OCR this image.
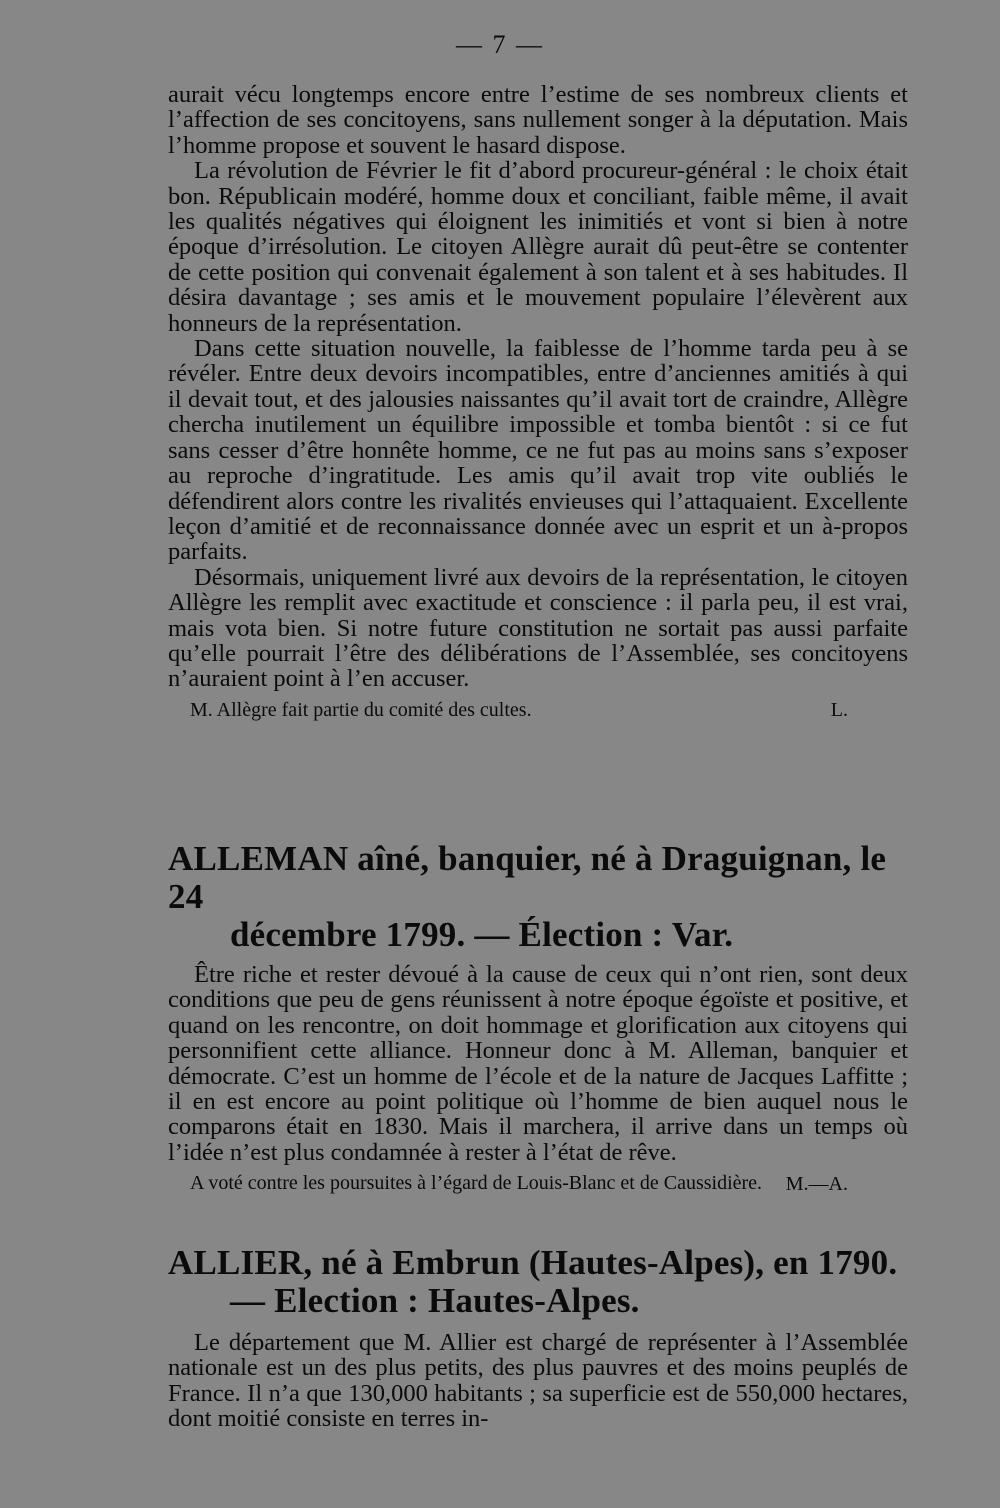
— 7 —

aurait vécu longtemps encore entre l’estime de ses nombreux clients et l’affection de ses concitoyens, sans nullement songer à la députation. Mais l’homme propose et souvent le hasard dispose.

La révolution de Février le fit d’abord procureur-général : le choix était bon. Républicain modéré, homme doux et conciliant, faible même, il avait les qualités négatives qui éloignent les inimitiés et vont si bien à notre époque d’irrésolution. Le citoyen Allègre aurait dû peut-être se contenter de cette position qui convenait également à son talent et à ses habitudes. Il désira davantage ; ses amis et le mouvement populaire l’élevèrent aux honneurs de la représentation.

Dans cette situation nouvelle, la faiblesse de l’homme tarda peu à se révéler. Entre deux devoirs incompatibles, entre d’anciennes amitiés à qui il devait tout, et des jalousies naissantes qu’il avait tort de craindre, Allègre chercha inutilement un équilibre impossible et tomba bientôt : si ce fut sans cesser d’être honnête homme, ce ne fut pas au moins sans s’exposer au reproche d’ingratitude. Les amis qu’il avait trop vite oubliés le défendirent alors contre les rivalités envieuses qui l’attaquaient. Excellente leçon d’amitié et de reconnaissance donnée avec un esprit et un à-propos parfaits.

Désormais, uniquement livré aux devoirs de la représentation, le citoyen Allègre les remplit avec exactitude et conscience : il parla peu, il est vrai, mais vota bien. Si notre future constitution ne sortait pas aussi parfaite qu’elle pourrait l’être des délibérations de l’Assemblée, ses concitoyens n’auraient point à l’en accuser.

M. Allègre fait partie du comité des cultes.	L.
ALLEMAN aîné, banquier, né à Draguignan, le 24
décembre 1799. — Élection : Var.

Être riche et rester dévoué à la cause de ceux qui n’ont rien, sont deux conditions que peu de gens réunissent à notre époque égoïste et positive, et quand on les rencontre, on doit hommage et glorification aux citoyens qui personnifient cette alliance. Honneur donc à M. Alleman, banquier et démocrate. C’est un homme de l’école et de la nature de Jacques Laffitte ; il en est encore au point politique où l’homme de bien auquel nous le comparons était en 1830. Mais il marchera, il arrive dans un temps où l’idée n’est plus condamnée à rester à l’état de rêve.

A voté contre les poursuites à l’égard de Louis-Blanc et de Caussidière.	M.—A.
ALLIER, né à Embrun (Hautes-Alpes), en 1790.
— Election : Hautes-Alpes.

Le département que M. Allier est chargé de représenter à l’Assemblée nationale est un des plus petits, des plus pauvres et des moins peuplés de France. Il n’a que 130,000 habitants ; sa superficie est de 550,000 hectares, dont moitié consiste en terres in-
